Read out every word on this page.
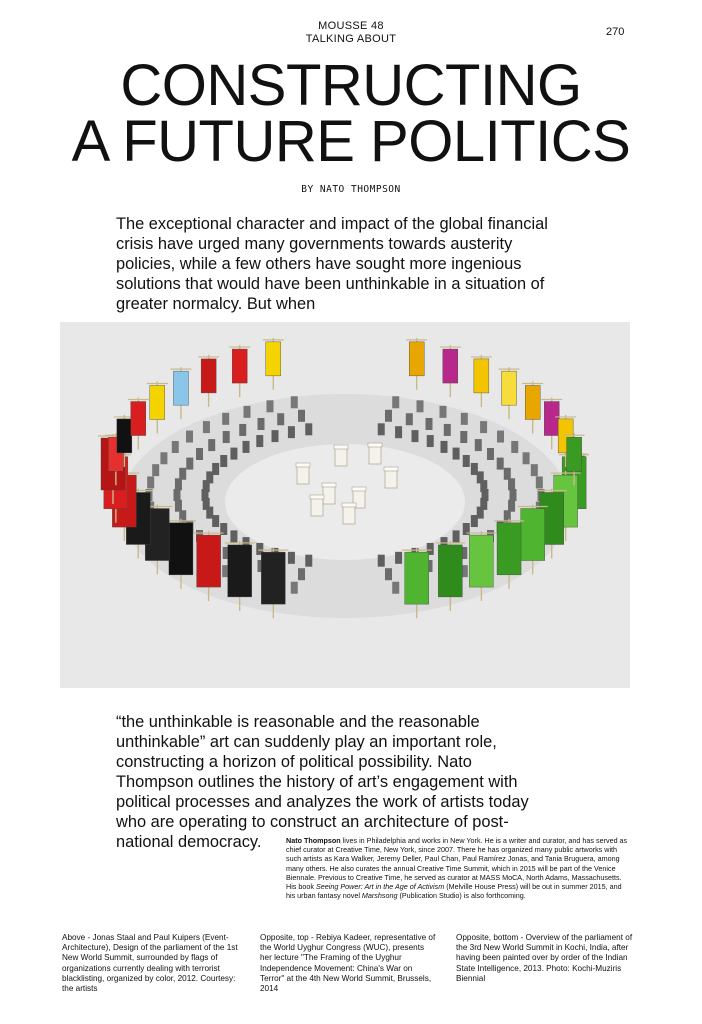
MOUSSE 48
TALKING ABOUT
270
CONSTRUCTING
A FUTURE POLITICS
BY NATO THOMPSON

The exceptional character and impact of the global financial crisis have urged many governments towards austerity policies, while a few others have sought more ingenious solutions that would have been unthinkable in a situation of greater normalcy. But when

“the unthinkable is reasonable and the reasonable
unthinkable” art can suddenly play an important role,
constructing a horizon of political possibility. Nato
Thompson outlines the history of art’s engagement with
political processes and analyzes the work of artists today
who are operating to construct an architecture of post-
national democracy.	Nato Thompson lives in Philadelphia and works in New York. He is a writer and curator, and has served as chief curator at Creative Time, New York, since 2007. There he has organized many public artworks with such artists as Kara Walker, Jeremy Deller, Paul Chan, Paul Ramírez Jonas, and Tania Bruguera, among many others. He also curates the annual Creative Time Summit, which in 2015 will be part of the Venice Biennale. Previous to Creative Time, he served as curator at MASS MoCA, North Adams, Massachusetts. His book Seeing Power: Art in the Age of Activism (Melville House Press) will be out in summer 2015, and his urban fantasy novel Marshsong (Publication Studio) is also forthcoming.
Above - Jonas Staal and Paul Kuipers (Event-Architecture), Design of the parliament of the 1st New World Summit, surrounded by flags of organizations currently dealing with terrorist blacklisting, organized by color, 2012. Courtesy: the artists
Opposite, top - Rebiya Kadeer, representative of the World Uyghur Congress (WUC), presents her lecture "The Framing of the Uyghur Independence Movement: China's War on Terror" at the 4th New World Summit, Brussels, 2014
Opposite, bottom - Overview of the parliament of the 3rd New World Summit in Kochi, India, after having been painted over by order of the Indian State Intelligence, 2013. Photo: Kochi-Muziris Biennial
